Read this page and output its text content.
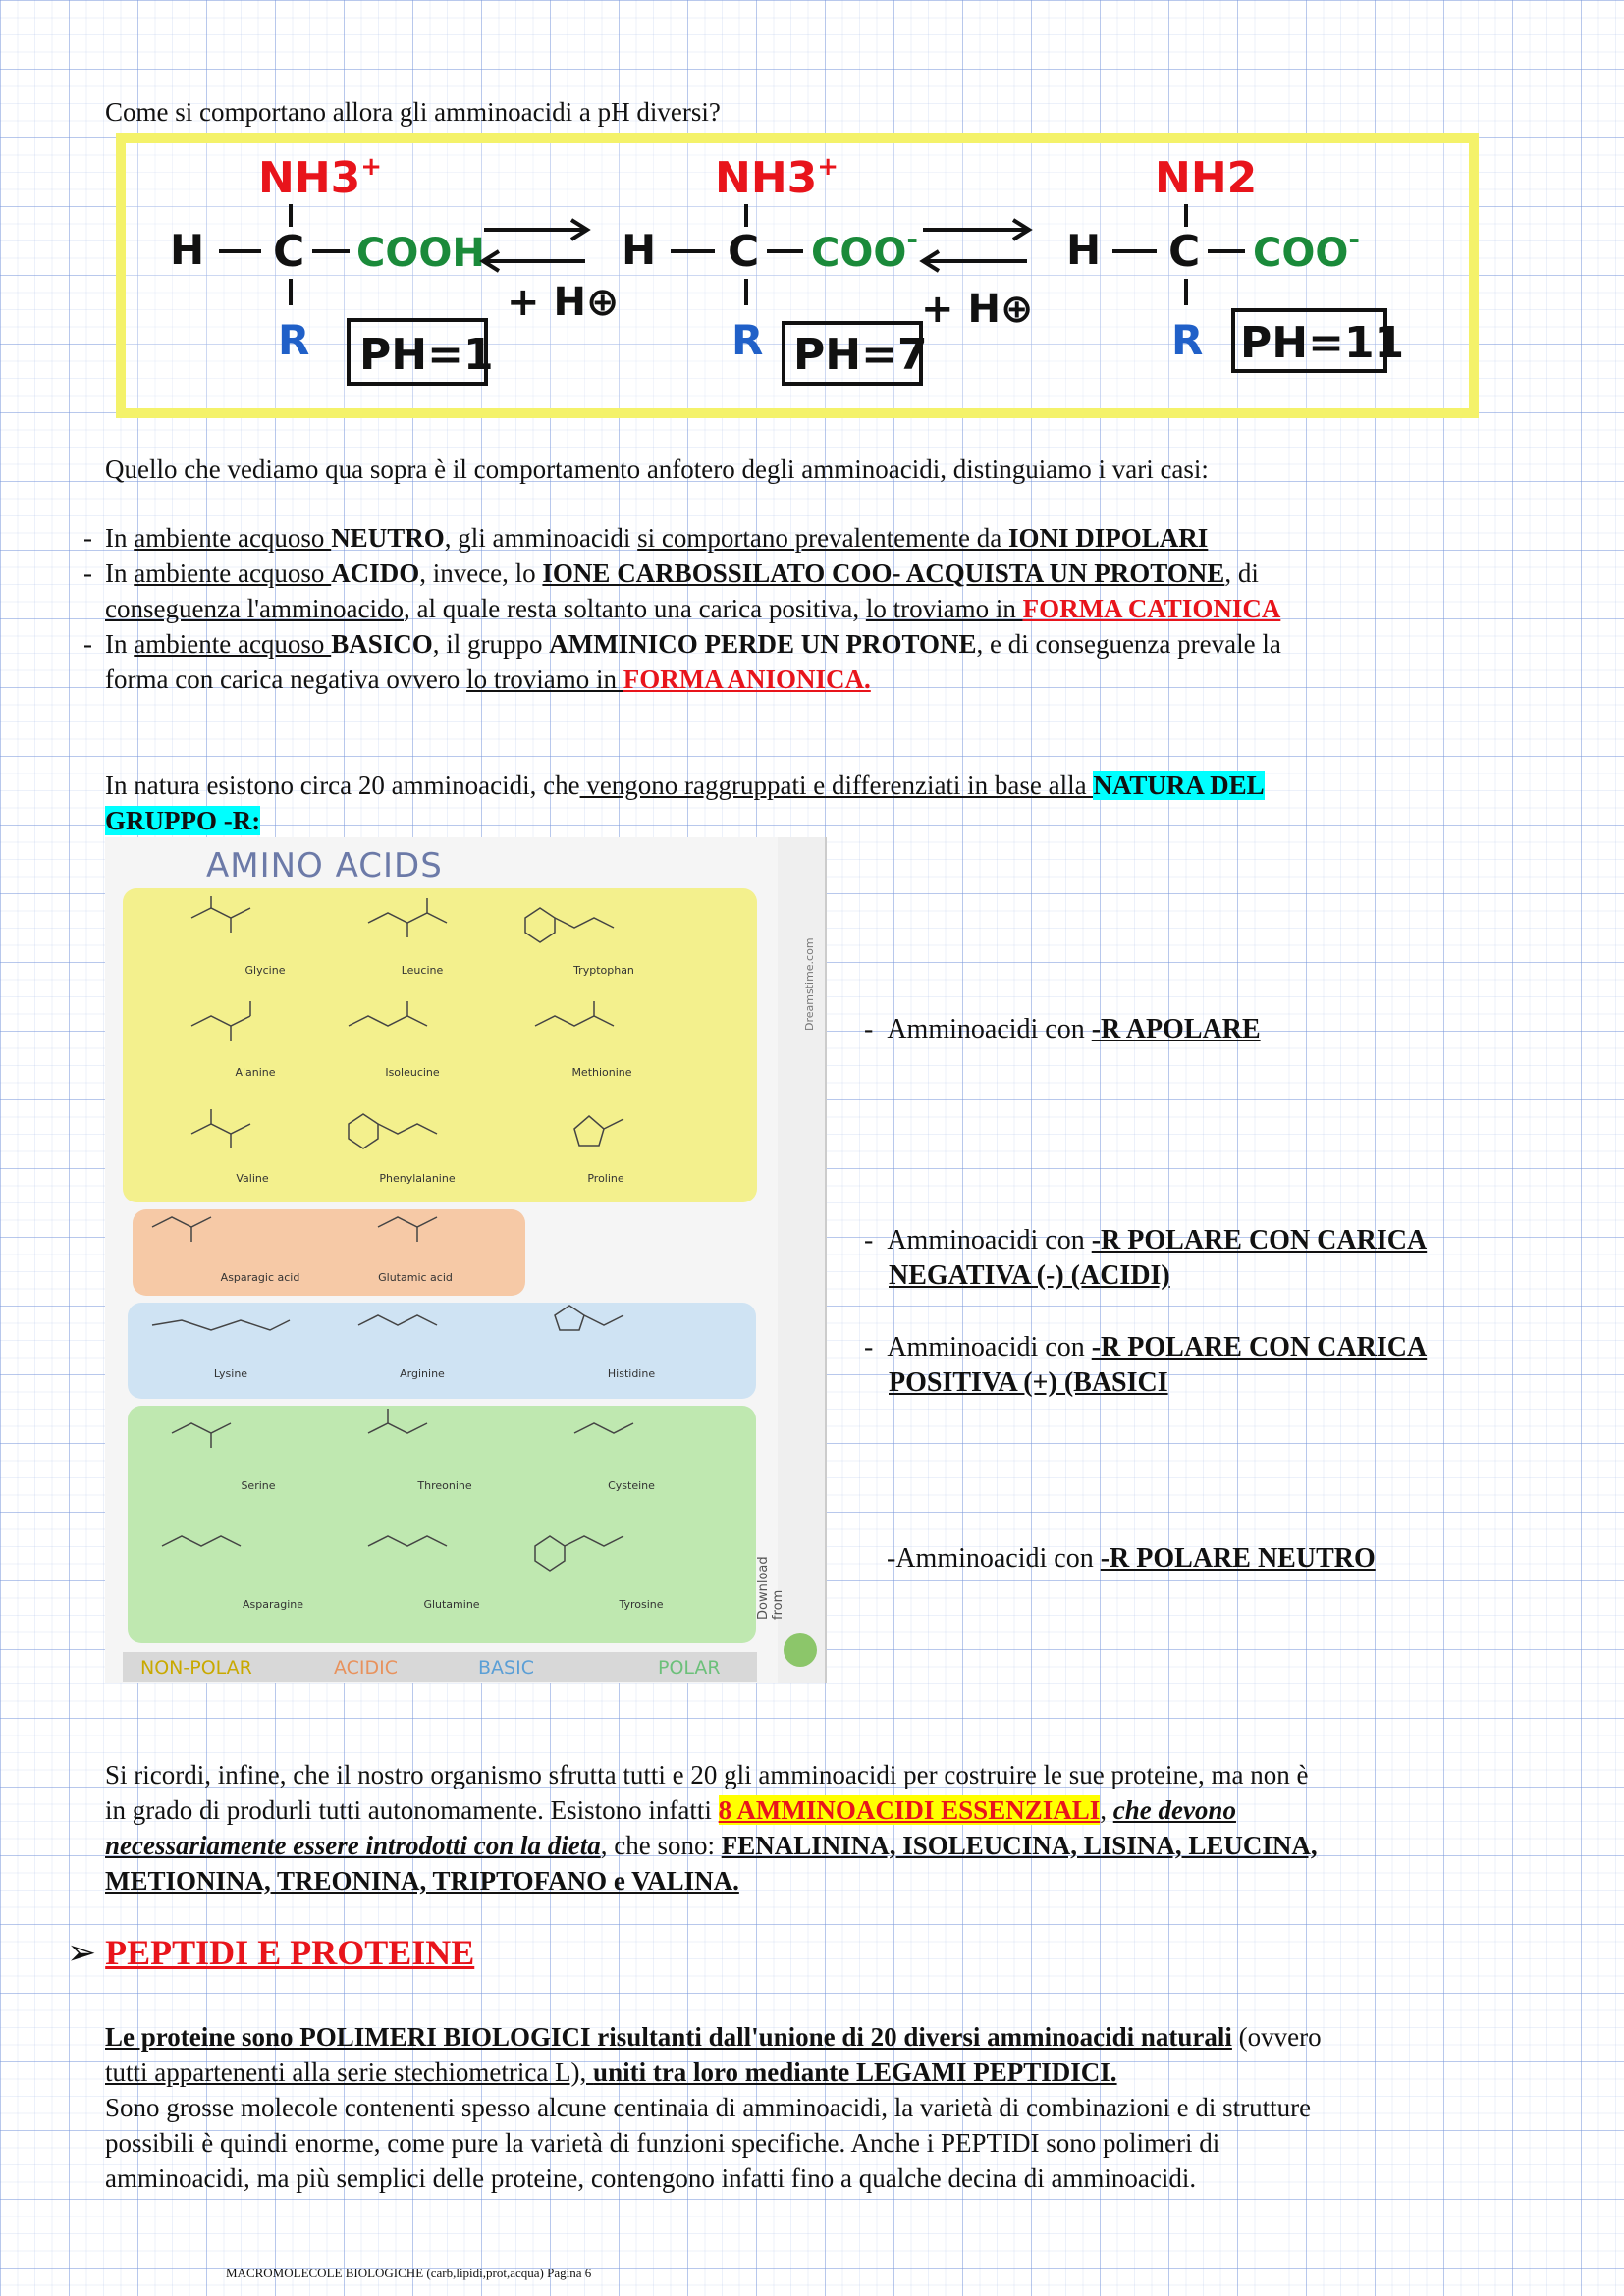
Come si comportano allora gli amminoacidi a pH diversi?

NH3+
H C COOH
R PH=1
+ H⊕
NH3+
H C COO-
R PH=7
+ H⊕
NH2
H C COO-
R PH=11

Quello che vediamo qua sopra è il comportamento anfotero degli amminoacidi, distinguiamo i vari casi:

- In ambiente acquoso NEUTRO, gli amminoacidi si comportano prevalentemente da IONI DIPOLARI

- In ambiente acquoso ACIDO, invece, lo IONE CARBOSSILATO COO- ACQUISTA UN PROTONE, di
conseguenza l'amminoacido, al quale resta soltanto una carica positiva, lo troviamo in FORMA CATIONICA

- In ambiente acquoso BASICO, il gruppo AMMINICO PERDE UN PROTONE, e di conseguenza prevale la
forma con carica negativa ovvero lo troviamo in FORMA ANIONICA.

In natura esistono circa 20 amminoacidi, che vengono raggruppati e differenziati in base alla NATURA DEL
GRUPPO -R:

AMINO ACIDS
Glycine	Leucine	Tryptophan
Alanine	Isoleucine	Methionine
Valine	Phenylalanine	Proline
Asparagic acid	Glutamic acid
Lysine	Arginine	Histidine
Serine	Threonine	Cysteine
Asparagine	Glutamine	Tyrosine
NON-POLAR	ACIDIC	BASIC	POLAR
Download from
Dreamstime.com -  Amminoacidi con -R APOLARE

-  Amminoacidi con -R POLARE CON CARICA
NEGATIVA (-) (ACIDI)

-  Amminoacidi con -R POLARE CON CARICA
POSITIVA (+) (BASICI

-Amminoacidi con -R POLARE NEUTRO

Si ricordi, infine, che il nostro organismo sfrutta tutti e 20 gli amminoacidi per costruire le sue proteine, ma non è

in grado di produrli tutti autonomamente. Esistono infatti 8 AMMINOACIDI ESSENZIALI, che devono

necessariamente essere introdotti con la dieta, che sono: FENALININA, ISOLEUCINA, LISINA, LEUCINA,

METIONINA, TREONINA, TRIPTOFANO e VALINA.

➢ PEPTIDI E PROTEINE

Le proteine sono POLIMERI BIOLOGICI risultanti dall'unione di 20 diversi amminoacidi naturali (ovvero

tutti appartenenti alla serie stechiometrica L), uniti tra loro mediante LEGAMI PEPTIDICI.

Sono grosse molecole contenenti spesso alcune centinaia di amminoacidi, la varietà di combinazioni e di strutture

possibili è quindi enorme, come pure la varietà di funzioni specifiche. Anche i PEPTIDI sono polimeri di

amminoacidi, ma più semplici delle proteine, contengono infatti fino a qualche decina di amminoacidi.

MACROMOLECOLE BIOLOGICHE (carb,lipidi,prot,acqua) Pagina 6
